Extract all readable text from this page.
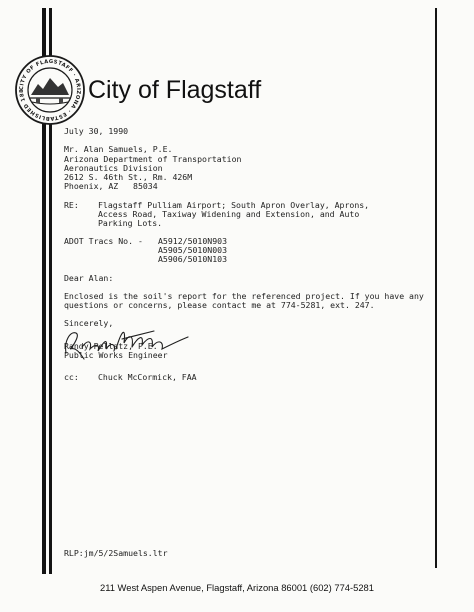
CITY OF FLAGSTAFF · ARIZONA · ESTABLISHED 188	City of Flagstaff
July 30, 1990
Mr. Alan Samuels, P.E.
Arizona Department of Transportation
Aeronautics Division
2612 S. 46th St., Rm. 426M
Phoenix, AZ   85034
RE:	Flagstaff Pulliam Airport; South Apron Overlay, Aprons,
Access Road, Taxiway Widening and Extension, and Auto
Parking Lots.
ADOT Tracs No. -	A5912/5010N903
A5905/5010N003
A5906/5010N103
Dear Alan:
Enclosed is the soil's report for the referenced project. If you have any questions or concerns, please contact me at 774-5281, ext. 247.
Sincerely,
Randy Pellatz, P.E.
Public Works Engineer
cc:	Chuck McCormick, FAA
RLP:jm/5/2Samuels.ltr
211 West Aspen Avenue, Flagstaff, Arizona 86001 (602) 774-5281
